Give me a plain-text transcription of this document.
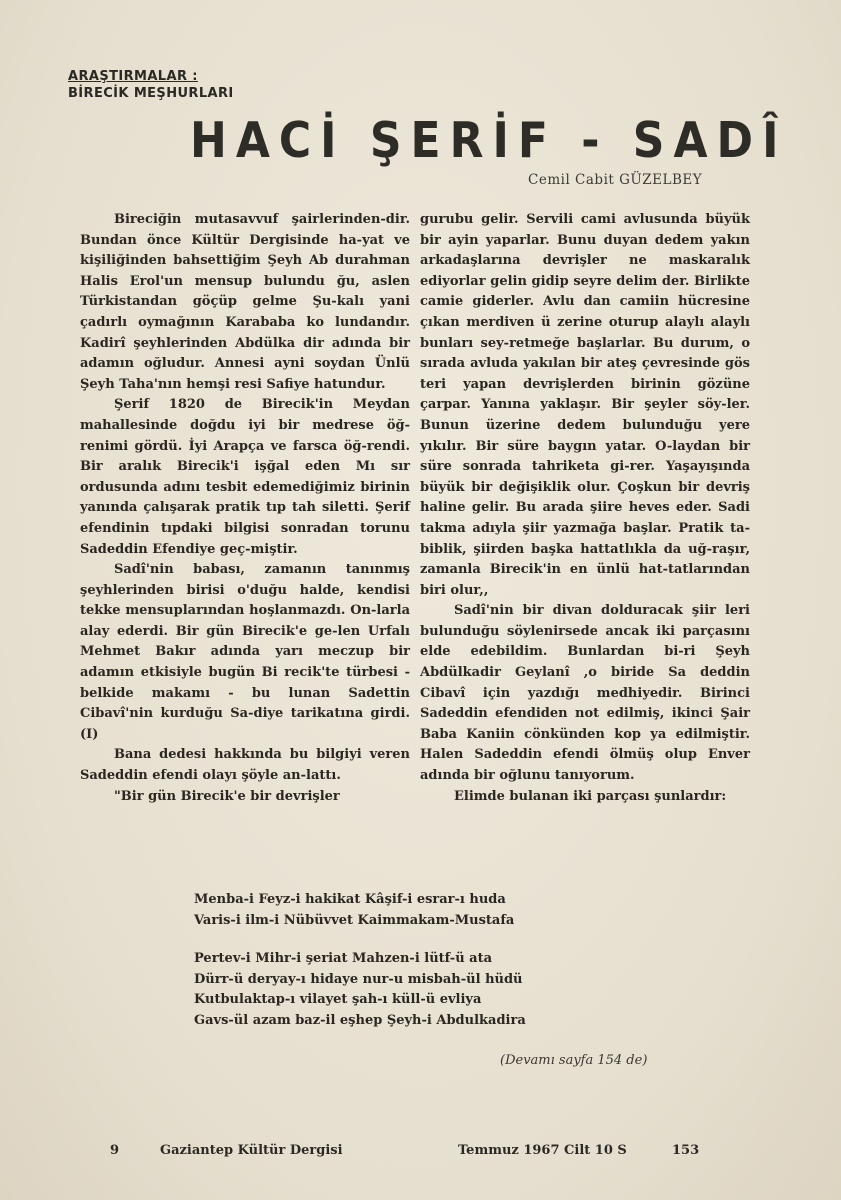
ARAŞTIRMALAR :
BİRECİK MEŞHURLARI
HACİ ŞERİF - SADÎ
Cemil Cabit GÜZELBEY

Bireciğin mutasavvuf şairlerinden-dir. Bundan önce Kültür Dergisinde ha-yat ve kişiliğinden bahsettiğim Şeyh Ab durahman Halis Erol'un mensup bulundu ğu, aslen Türkistandan göçüp gelme Şu-kalı yani çadırlı oymağının Karababa ko lundandır. Kadirî şeyhlerinden Abdülka dir adında bir adamın oğludur. Annesi ayni soydan Ünlü Şeyh Taha'nın hemşi resi Safiye hatundur.

Şerif 1820 de Birecik'in Meydan mahallesinde doğdu iyi bir medrese öğ-renimi gördü. İyi Arapça ve farsca öğ-rendi. Bir aralık Birecik'i işğal eden Mı sır ordusunda adını tesbit edemediğimiz birinin yanında çalışarak pratik tıp tah siletti. Şerif efendinin tıpdaki bilgisi sonradan torunu Sadeddin Efendiye geç-miştir.

Sadî'nin babası, zamanın tanınmış şeyhlerinden birisi o'duğu halde, kendisi tekke mensuplarından hoşlanmazdı. On-larla alay ederdi. Bir gün Birecik'e ge-len Urfalı Mehmet Bakır adında yarı meczup bir adamın etkisiyle bugün Bi recik'te türbesi - belkide makamı - bu lunan Sadettin Cibavî'nin kurduğu Sa-diye tarikatına girdi. (I)

Bana dedesi hakkında bu bilgiyi veren Sadeddin efendi olayı şöyle an-lattı.

"Bir gün Birecik'e bir devrişler

gurubu gelir. Servili cami avlusunda büyük bir ayin yaparlar. Bunu duyan dedem yakın arkadaşlarına devrişler ne maskaralık ediyorlar gelin gidip seyre delim der. Birlikte camie giderler. Avlu dan camiin hücresine çıkan merdiven ü zerine oturup alaylı alaylı bunları sey-retmeğe başlarlar. Bu durum, o sırada avluda yakılan bir ateş çevresinde gös teri yapan devrişlerden birinin gözüne çarpar. Yanına yaklaşır. Bir şeyler söy-ler. Bunun üzerine dedem bulunduğu yere yıkılır. Bir süre baygın yatar. O-laydan bir süre sonrada tahriketa gi-rer. Yaşayışında büyük bir değişiklik olur. Çoşkun bir devriş haline gelir. Bu arada şiire heves eder. Sadi takma adıyla şiir yazmağa başlar. Pratik ta-biblik, şiirden başka hattatlıkla da uğ-raşır, zamanla Birecik'in en ünlü hat-tatlarından biri olur,,

Sadî'nin bir divan dolduracak şiir leri bulunduğu söylenirsede ancak iki parçasını elde edebildim. Bunlardan bi-ri Şeyh Abdülkadir Geylanî ,o biride Sa deddin Cibavî için yazdığı medhiyedir. Birinci Sadeddin efendiden not edilmiş, ikinci Şair Baba Kaniin cönkünden kop ya edilmiştir. Halen Sadeddin efendi ölmüş olup Enver adında bir oğlunu tanıyorum.

Elimde bulanan iki parçası şunlardır:

Menba-i Feyz-i hakikat Kâşif-i esrar-ı huda
Varis-i ilm-i Nübüvvet Kaimmakam-Mustafa
Pertev-i Mihr-i şeriat Mahzen-i lütf-ü ata
Dürr-ü deryay-ı hidaye nur-u misbah-ül hüdü
Kutbulaktap-ı vilayet şah-ı küll-ü evliya
Gavs-ül azam baz-il eşhep Şeyh-i Abdulkadira
(Devamı sayfa 154 de)
9	Gaziantep Kültür Dergisi	Temmuz 1967 Cilt 10 S	153
